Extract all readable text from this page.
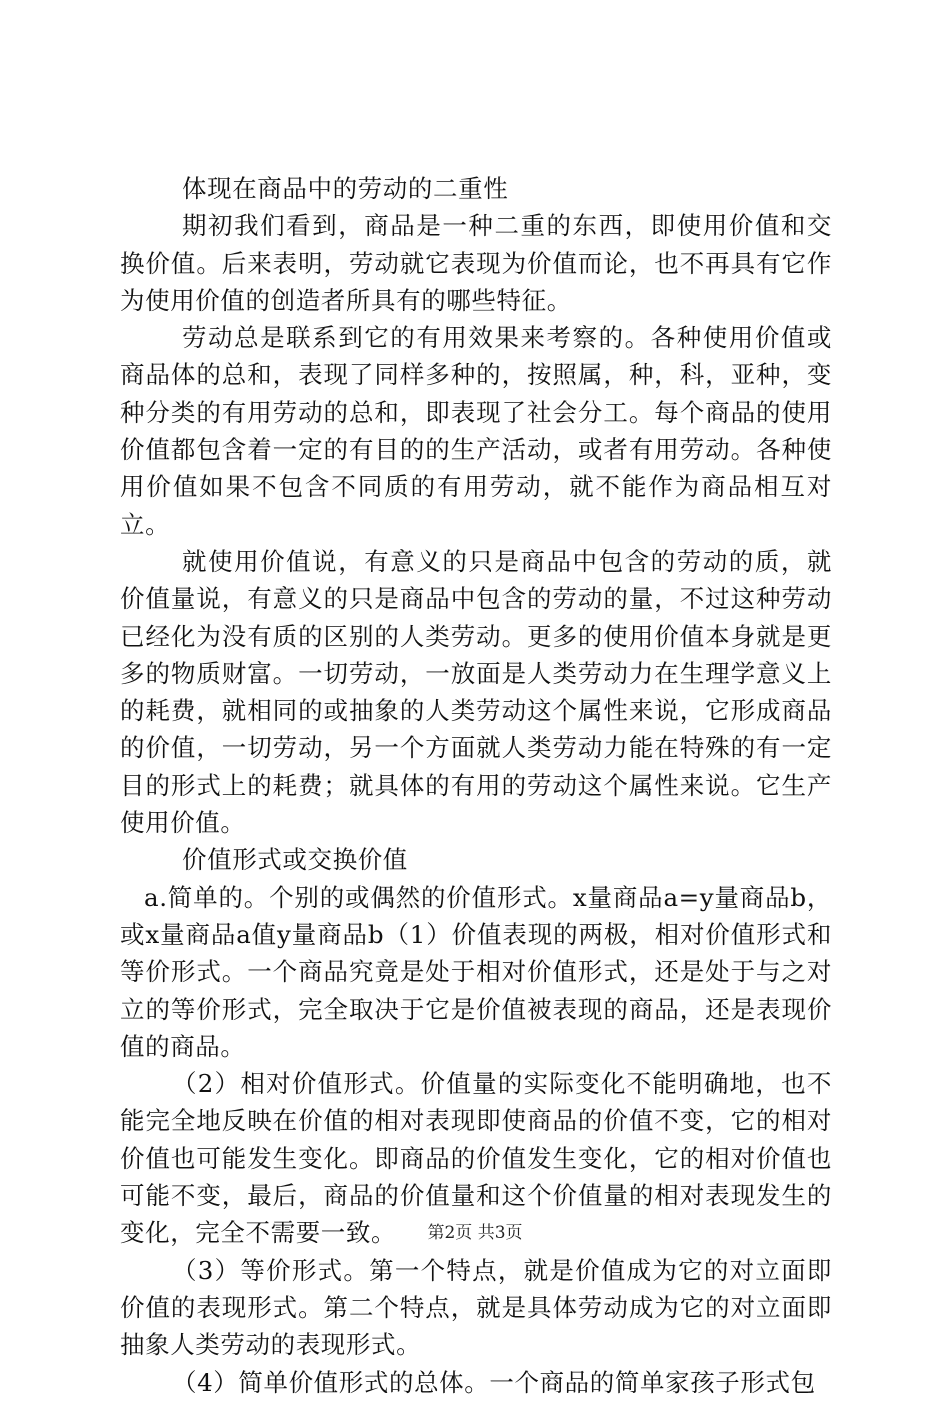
体现在商品中的劳动的二重性

期初我们看到，商品是一种二重的东西，即使用价值和交换价值。后来表明，劳动就它表现为价值而论，也不再具有它作为使用价值的创造者所具有的哪些特征。

劳动总是联系到它的有用效果来考察的。各种使用价值或商品体的总和，表现了同样多种的，按照属，种，科，亚种，变种分类的有用劳动的总和，即表现了社会分工。每个商品的使用价值都包含着一定的有目的的生产活动，或者有用劳动。各种使用价值如果不包含不同质的有用劳动，就不能作为商品相互对立。

就使用价值说，有意义的只是商品中包含的劳动的质，就价值量说，有意义的只是商品中包含的劳动的量，不过这种劳动已经化为没有质的区别的人类劳动。更多的使用价值本身就是更多的物质财富。一切劳动，一放面是人类劳动力在生理学意义上的耗费，就相同的或抽象的人类劳动这个属性来说，它形成商品的价值，一切劳动，另一个方面就人类劳动力能在特殊的有一定目的形式上的耗费；就具体的有用的劳动这个属性来说。它生产使用价值。

价值形式或交换价值

a.简单的。个别的或偶然的价值形式。x量商品a=y量商品b，或x量商品a值y量商品b（1）价值表现的两极，相对价值形式和等价形式。一个商品究竟是处于相对价值形式，还是处于与之对立的等价形式，完全取决于它是价值被表现的商品，还是表现价值的商品。

（2）相对价值形式。价值量的实际变化不能明确地，也不能完全地反映在价值的相对表现即使商品的价值不变，它的相对价值也可能发生变化。即商品的价值发生变化，它的相对价值也可能不变，最后，商品的价值量和这个价值量的相对表现发生的变化，完全不需要一致。

（3）等价形式。第一个特点，就是价值成为它的对立面即价值的表现形式。第二个特点，就是具体劳动成为它的对立面即抽象人类劳动的表现形式。

（4）简单价值形式的总体。一个商品的简单家孩子形式包

第2页 共3页
